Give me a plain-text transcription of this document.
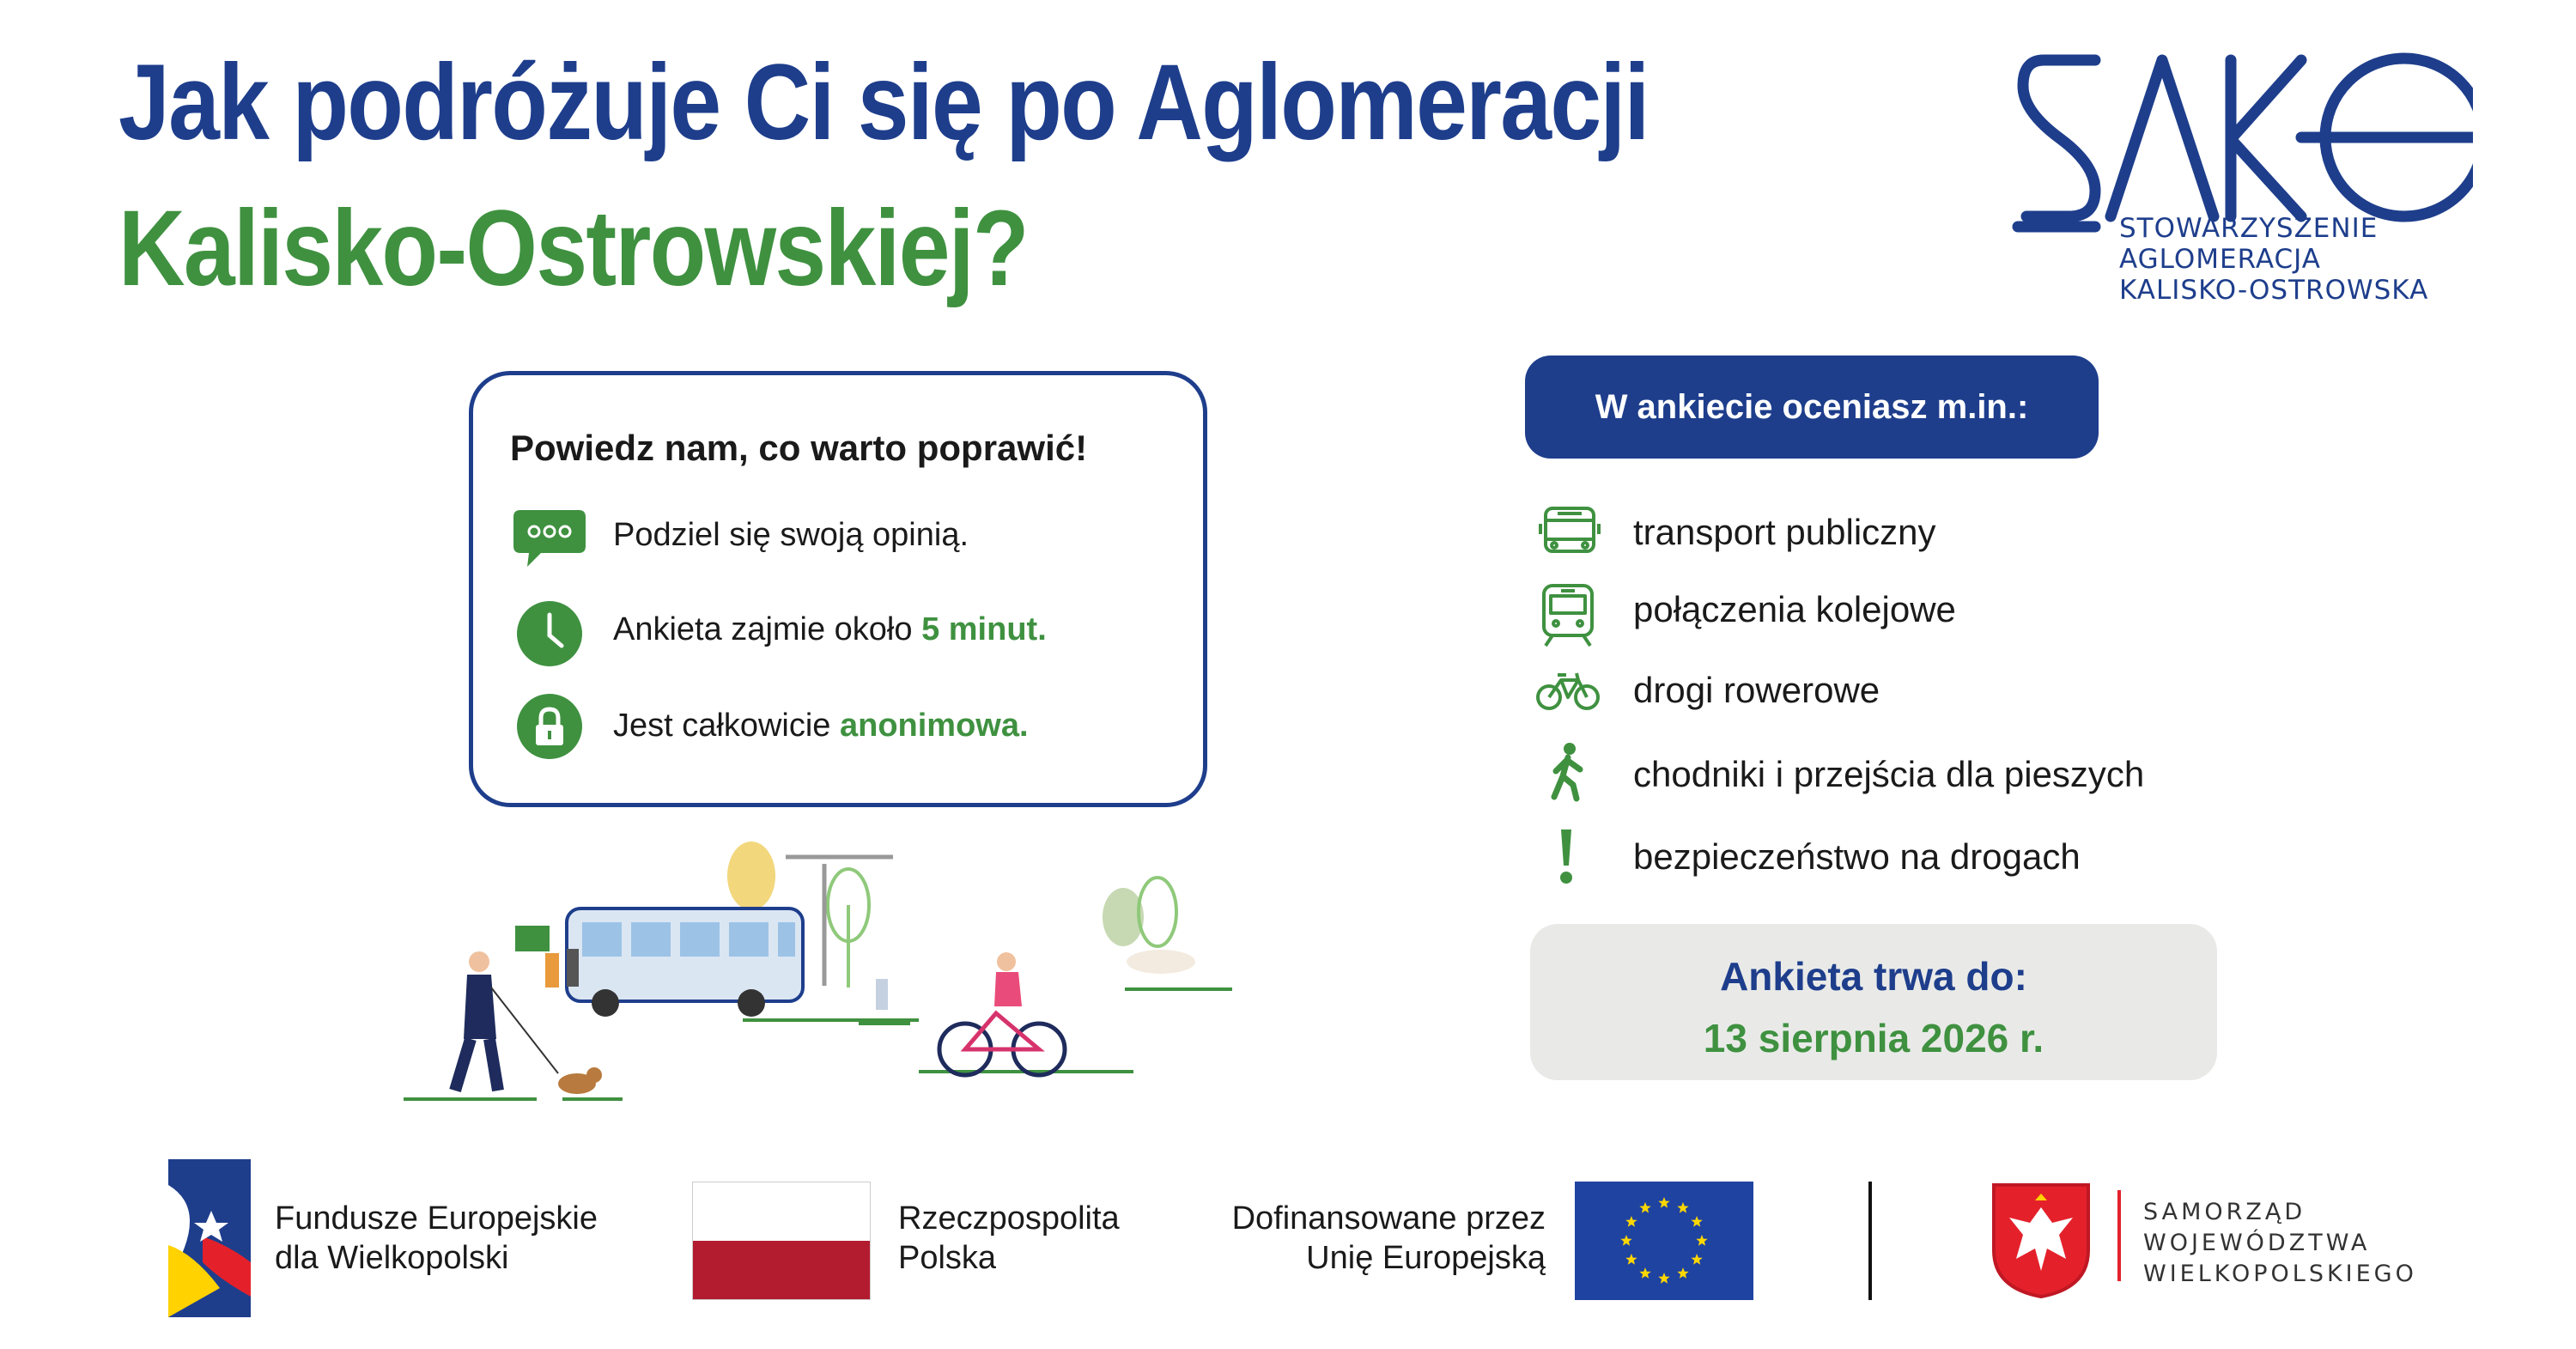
Jak podróżuje Ci się po Aglomeracji
Kalisko-Ostrowskiej?	STOWARZYSZENIE
AGLOMERACJA
KALISKO-OSTROWSKA
Powiedz nam, co warto poprawić!
Podziel się swoją opinią.
Ankieta zajmie około 5 minut.
Jest całkowicie anonimowa.
W ankiecie oceniasz m.in.:
transport publiczny
połączenia kolejowe
drogi rowerowe
chodniki i przejścia dla pieszych
bezpieczeństwo na drogach
Ankieta trwa do:
13 sierpnia 2026 r.
Fundusze Europejskie
dla Wielkopolski
Rzeczpospolita
Polska
Dofinansowane przez
Unię Europejską
SAMORZĄD
WOJEWÓDZTWA
WIELKOPOLSKIEGO
